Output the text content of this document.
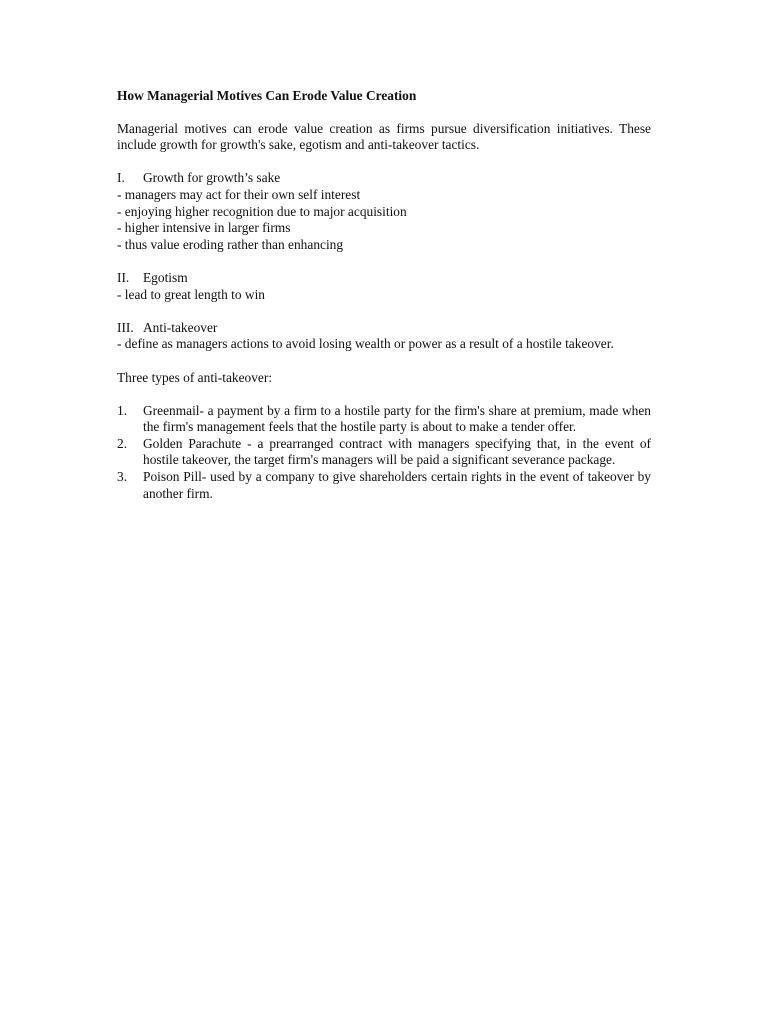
How Managerial Motives Can Erode Value Creation
Managerial motives can erode value creation as firms pursue diversification initiatives. These include growth for growth's sake, egotism and anti-takeover tactics.
I.	Growth for growth’s sake
- managers may act for their own self interest
- enjoying higher recognition due to major acquisition
- higher intensive in larger firms
- thus value eroding rather than enhancing
II.	Egotism
- lead to great length to win
III. Anti-takeover
- define as managers actions to avoid losing wealth or power as a result of a hostile takeover.
Three types of anti-takeover:
1.	Greenmail- a payment by a firm to a hostile party for the firm's share at premium, made when the firm's management feels that the hostile party is about to make a tender offer.
2.	Golden Parachute - a prearranged contract with managers specifying that, in the event of hostile takeover, the target firm's managers will be paid a significant severance package.
3.	Poison Pill- used by a company to give shareholders certain rights in the event of takeover by another firm.
